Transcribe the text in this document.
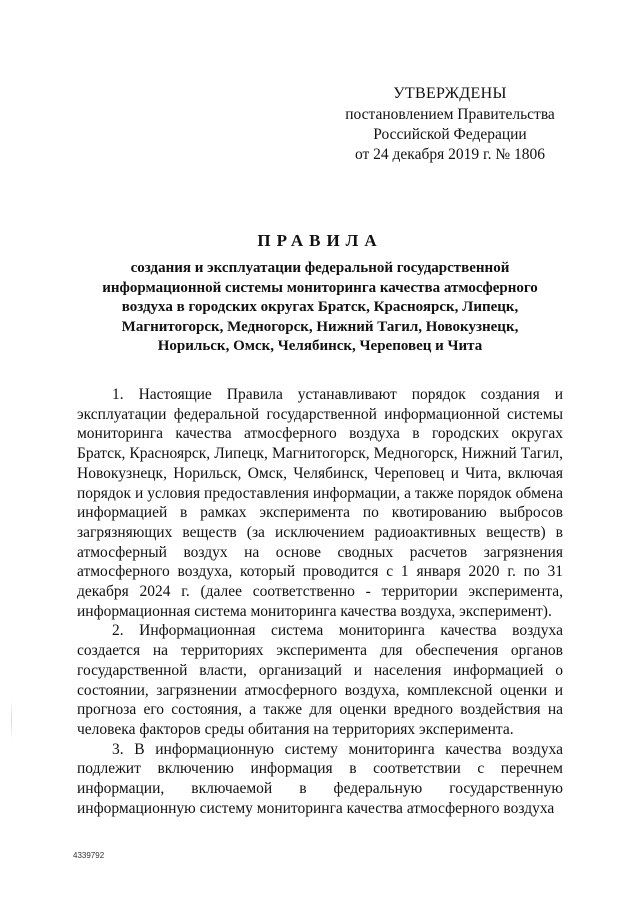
УТВЕРЖДЕНЫ
постановлением Правительства
Российской Федерации
от 24 декабря 2019 г. № 1806
ПРАВИЛА
создания и эксплуатации федеральной государственной информационной системы мониторинга качества атмосферного воздуха в городских округах Братск, Красноярск, Липецк, Магнитогорск, Медногорск, Нижний Тагил, Новокузнецк, Норильск, Омск, Челябинск, Череповец и Чита

1. Настоящие Правила устанавливают порядок создания и эксплуатации федеральной государственной информационной системы мониторинга качества атмосферного воздуха в городских округах Братск, Красноярск, Липецк, Магнитогорск, Медногорск, Нижний Тагил, Новокузнецк, Норильск, Омск, Челябинск, Череповец и Чита, включая порядок и условия предоставления информации, а также порядок обмена информацией в рамках эксперимента по квотированию выбросов загрязняющих веществ (за исключением радиоактивных веществ) в атмосферный воздух на основе сводных расчетов загрязнения атмосферного воздуха, который проводится с 1 января 2020 г. по 31 декабря 2024 г. (далее соответственно - территории эксперимента, информационная система мониторинга качества воздуха, эксперимент).

2. Информационная система мониторинга качества воздуха создается на территориях эксперимента для обеспечения органов государственной власти, организаций и населения информацией о состоянии, загрязнении атмосферного воздуха, комплексной оценки и прогноза его состояния, а также для оценки вредного воздействия на человека факторов среды обитания на территориях эксперимента.

3. В информационную систему мониторинга качества воздуха подлежит включению информация в соответствии с перечнем информации, включаемой в федеральную государственную информационную систему мониторинга качества атмосферного воздуха

4339792
